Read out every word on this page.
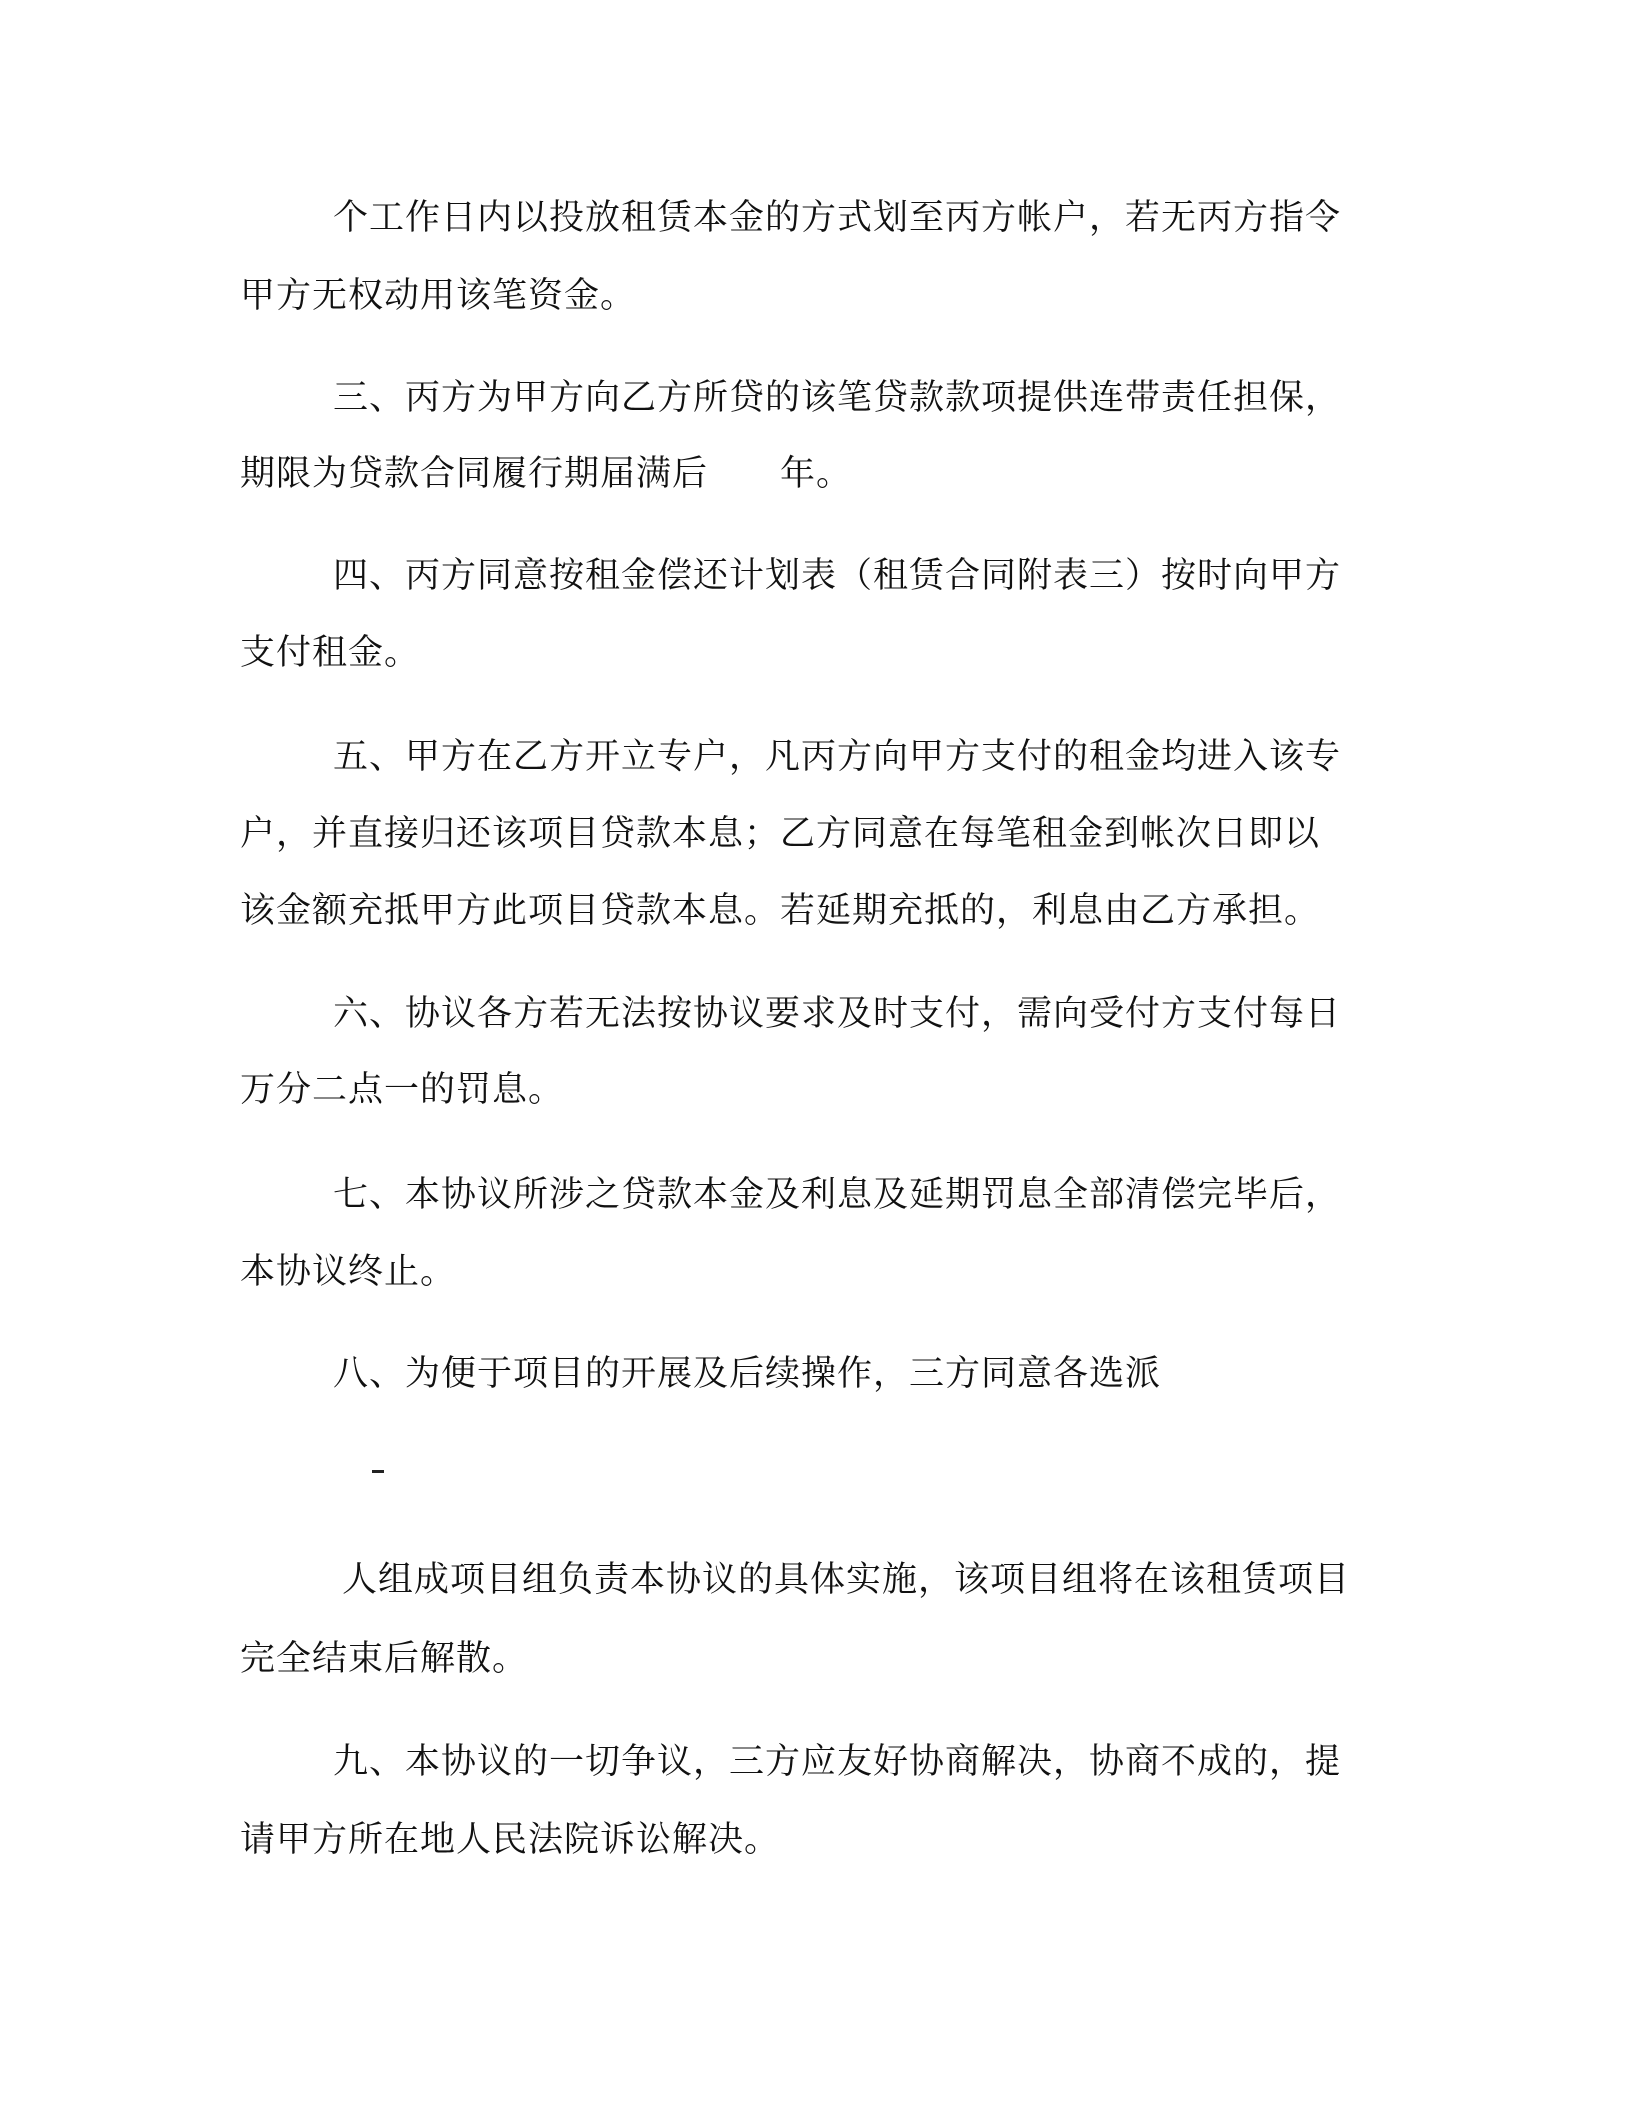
个工作日内以投放租赁本金的方式划至丙方帐户，若无丙方指令
甲方无权动用该笔资金。
三、丙方为甲方向乙方所贷的该笔贷款款项提供连带责任担保，
期限为贷款合同履行期届满后　　年。
四、丙方同意按租金偿还计划表（租赁合同附表三）按时向甲方
支付租金。
五、甲方在乙方开立专户，凡丙方向甲方支付的租金均进入该专
户，并直接归还该项目贷款本息；乙方同意在每笔租金到帐次日即以
该金额充抵甲方此项目贷款本息。若延期充抵的，利息由乙方承担。
六、协议各方若无法按协议要求及时支付，需向受付方支付每日
万分二点一的罚息。
七、本协议所涉之贷款本金及利息及延期罚息全部清偿完毕后，
本协议终止。
八、为便于项目的开展及后续操作，三方同意各选派
人组成项目组负责本协议的具体实施，该项目组将在该租赁项目
完全结束后解散。
九、本协议的一切争议，三方应友好协商解决，协商不成的，提
请甲方所在地人民法院诉讼解决。
